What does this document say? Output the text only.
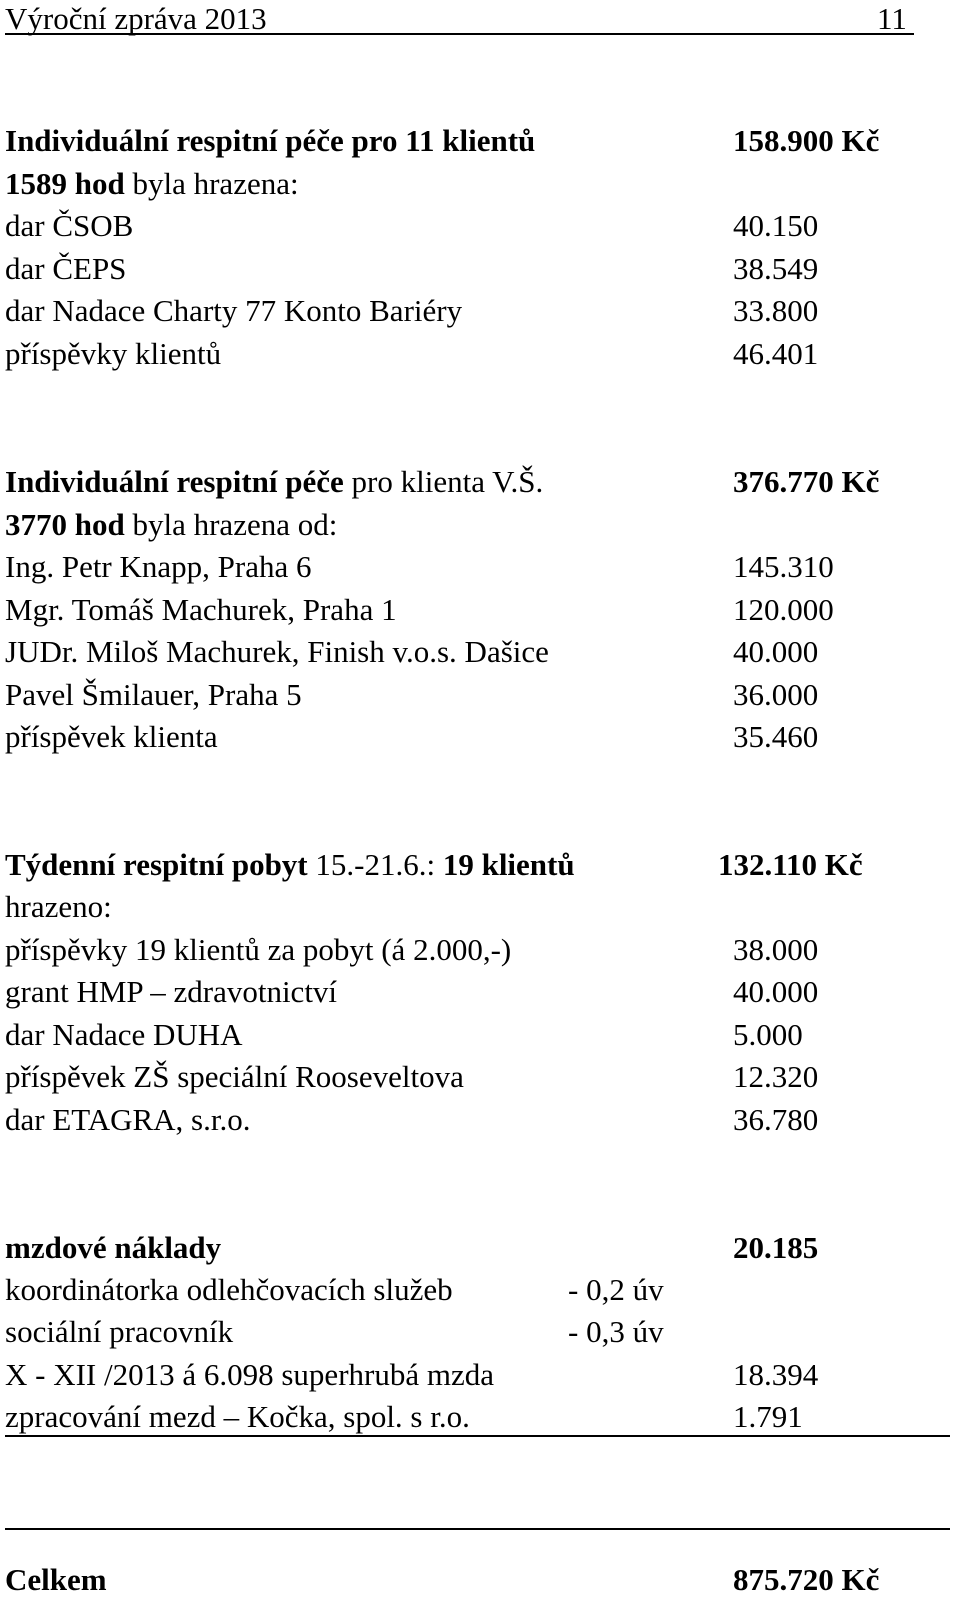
Výroční zpráva 2013	11
Individuální respitní péče pro 11 klientů	158.900 Kč
1589 hod byla hrazena:
dar ČSOB	40.150
dar ČEPS	38.549
dar Nadace Charty 77 Konto Bariéry	33.800
příspěvky klientů	46.401
Individuální respitní péče pro klienta V.Š.	376.770 Kč
3770 hod byla hrazena od:
Ing. Petr Knapp, Praha 6	145.310
Mgr. Tomáš Machurek, Praha 1	120.000
JUDr. Miloš Machurek, Finish v.o.s. Dašice	40.000
Pavel Šmilauer, Praha 5	36.000
příspěvek klienta	35.460
Týdenní respitní pobyt 15.-21.6.: 19 klientů	132.110 Kč
hrazeno:
příspěvky 19 klientů za pobyt (á 2.000,-)	38.000
grant HMP – zdravotnictví	40.000
dar Nadace DUHA	5.000
příspěvek ZŠ speciální Rooseveltova	12.320
dar ETAGRA, s.r.o.	36.780
mzdové náklady	20.185
koordinátorka odlehčovacích služeb	- 0,2 úv
sociální pracovník	- 0,3 úv
X - XII /2013 á 6.098 superhrubá mzda	18.394
zpracování mezd – Kočka, spol. s r.o.	1.791
Celkem	875.720 Kč
